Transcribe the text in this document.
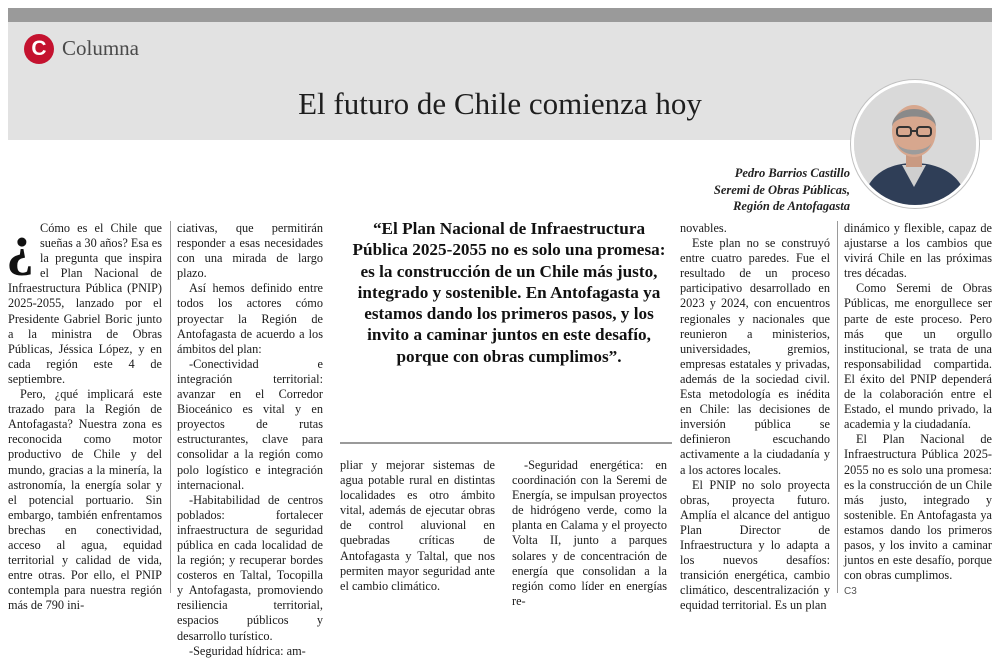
C Columna
El futuro de Chile comienza hoy
Pedro Barrios Castillo
Seremi de Obras Públicas,
Región de Antofagasta
¿ Cómo es el Chile que sueñas a 30 años? Esa es la pregunta que inspira el Plan Nacional de Infraestructura Pública (PNIP) 2025-2055, lanzado por el Presidente Gabriel Boric junto a la ministra de Obras Públicas, Jéssica López, y en cada región este 4 de septiembre.

Pero, ¿qué implicará este trazado para la Región de Antofagasta? Nuestra zona es reconocida como motor productivo de Chile y del mundo, gracias a la minería, la astronomía, la energía solar y el potencial portuario. Sin embargo, también enfrentamos brechas en conectividad, acceso al agua, equidad territorial y calidad de vida, entre otras. Por ello, el PNIP contempla para nuestra región más de 790 ini-

ciativas, que permitirán responder a esas necesidades con una mirada de largo plazo.

Así hemos definido entre todos los actores cómo proyectar la Región de Antofagasta de acuerdo a los ámbitos del plan:

-Conectividad e integración territorial: avanzar en el Corredor Bioceánico es vital y en proyectos de rutas estructurantes, clave para consolidar a la región como polo logístico e integración internacional.

-Habitabilidad de centros poblados: fortalecer infraestructura de seguridad pública en cada localidad de la región; y recuperar bordes costeros en Taltal, Tocopilla y Antofagasta, promoviendo resiliencia territorial, espacios públicos y desarrollo turístico.

-Seguridad hídrica: am-

“El Plan Nacional de Infraestructura Pública 2025-2055 no es solo una promesa: es la construcción de un Chile más justo, integrado y sostenible. En Antofagasta ya estamos dando los primeros pasos, y los invito a caminar juntos en este desafío, porque con obras cumplimos”.

pliar y mejorar sistemas de agua potable rural en distintas localidades es otro ámbito vital, además de ejecutar obras de control aluvional en quebradas críticas de Antofagasta y Taltal, que nos permiten mayor seguridad ante el cambio climático.

-Seguridad energética: en coordinación con la Seremi de Energía, se impulsan proyectos de hidrógeno verde, como la planta en Calama y el proyecto Volta II, junto a parques solares y de concentración de energía que consolidan a la región como líder en energías re-

novables.

Este plan no se construyó entre cuatro paredes. Fue el resultado de un proceso participativo desarrollado en 2023 y 2024, con encuentros regionales y nacionales que reunieron a ministerios, universidades, gremios, empresas estatales y privadas, además de la sociedad civil. Esta metodología es inédita en Chile: las decisiones de inversión pública se definieron escuchando activamente a la ciudadanía y a los actores locales.

El PNIP no solo proyecta obras, proyecta futuro. Amplía el alcance del antiguo Plan Director de Infraestructura y lo adapta a los nuevos desafíos: transición energética, cambio climático, descentralización y equidad territorial. Es un plan

dinámico y flexible, capaz de ajustarse a los cambios que vivirá Chile en las próximas tres décadas.

Como Seremi de Obras Públicas, me enorgullece ser parte de este proceso. Pero más que un orgullo institucional, se trata de una responsabilidad compartida. El éxito del PNIP dependerá de la colaboración entre el Estado, el mundo privado, la academia y la ciudadanía.

El Plan Nacional de Infraestructura Pública 2025-2055 no es solo una promesa: es la construcción de un Chile más justo, integrado y sostenible. En Antofagasta ya estamos dando los primeros pasos, y los invito a caminar juntos en este desafío, porque con obras cumplimos.

C3
